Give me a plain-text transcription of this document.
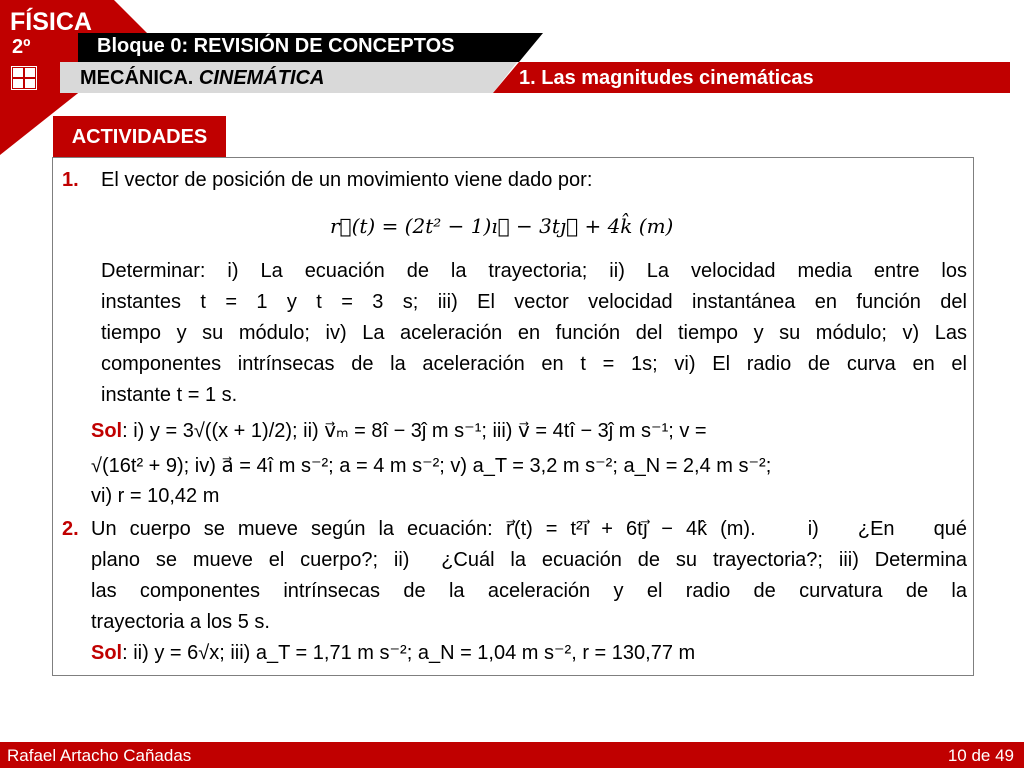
FÍSICA
2º	Bloque 0: REVISIÓN DE CONCEPTOS
MECÁNICA. CINEMÁTICA	1. Las magnitudes cinemáticas
ACTIVIDADES
1. El vector de posición de un movimiento viene dado por:
r⃗(t) = (2t² − 1)ı⃗ − 3tȷ⃗ + 4k̂ (m)
Determinar: i) La ecuación de la trayectoria; ii) La velocidad media entre los
instantes t = 1 y t = 3 s; iii) El vector velocidad instantánea en función del
tiempo y su módulo; iv) La aceleración en función del tiempo y su módulo; v) Las
componentes intrínsecas de la aceleración en t = 1s; vi) El radio de curva en el
instante t = 1 s.
Sol: i) y = 3√((x + 1)/2); ii) v⃗ₘ = 8î − 3ĵ m s⁻¹; iii) v⃗ = 4tî − 3ĵ m s⁻¹; v =
√(16t² + 9); iv) a⃗ = 4î m s⁻²; a = 4 m s⁻²; v) a_T = 3,2 m s⁻²; a_N = 2,4 m s⁻²;
vi) r = 10,42 m
2. Un cuerpo se mueve según la ecuación: r⃗(t) = t²ı⃗ + 6tȷ⃗ − 4k̂ (m).    i)   ¿En   qué
plano se mueve el cuerpo?; ii)  ¿Cuál la ecuación de su trayectoria?; iii) Determina
las  componentes  intrínsecas  de  la  aceleración  y  el  radio  de  curvatura  de  la
trayectoria a los 5 s.
Sol: ii) y = 6√x; iii) a_T = 1,71 m s⁻²; a_N = 1,04 m s⁻², r = 130,77 m
Rafael Artacho Cañadas	10 de 49
